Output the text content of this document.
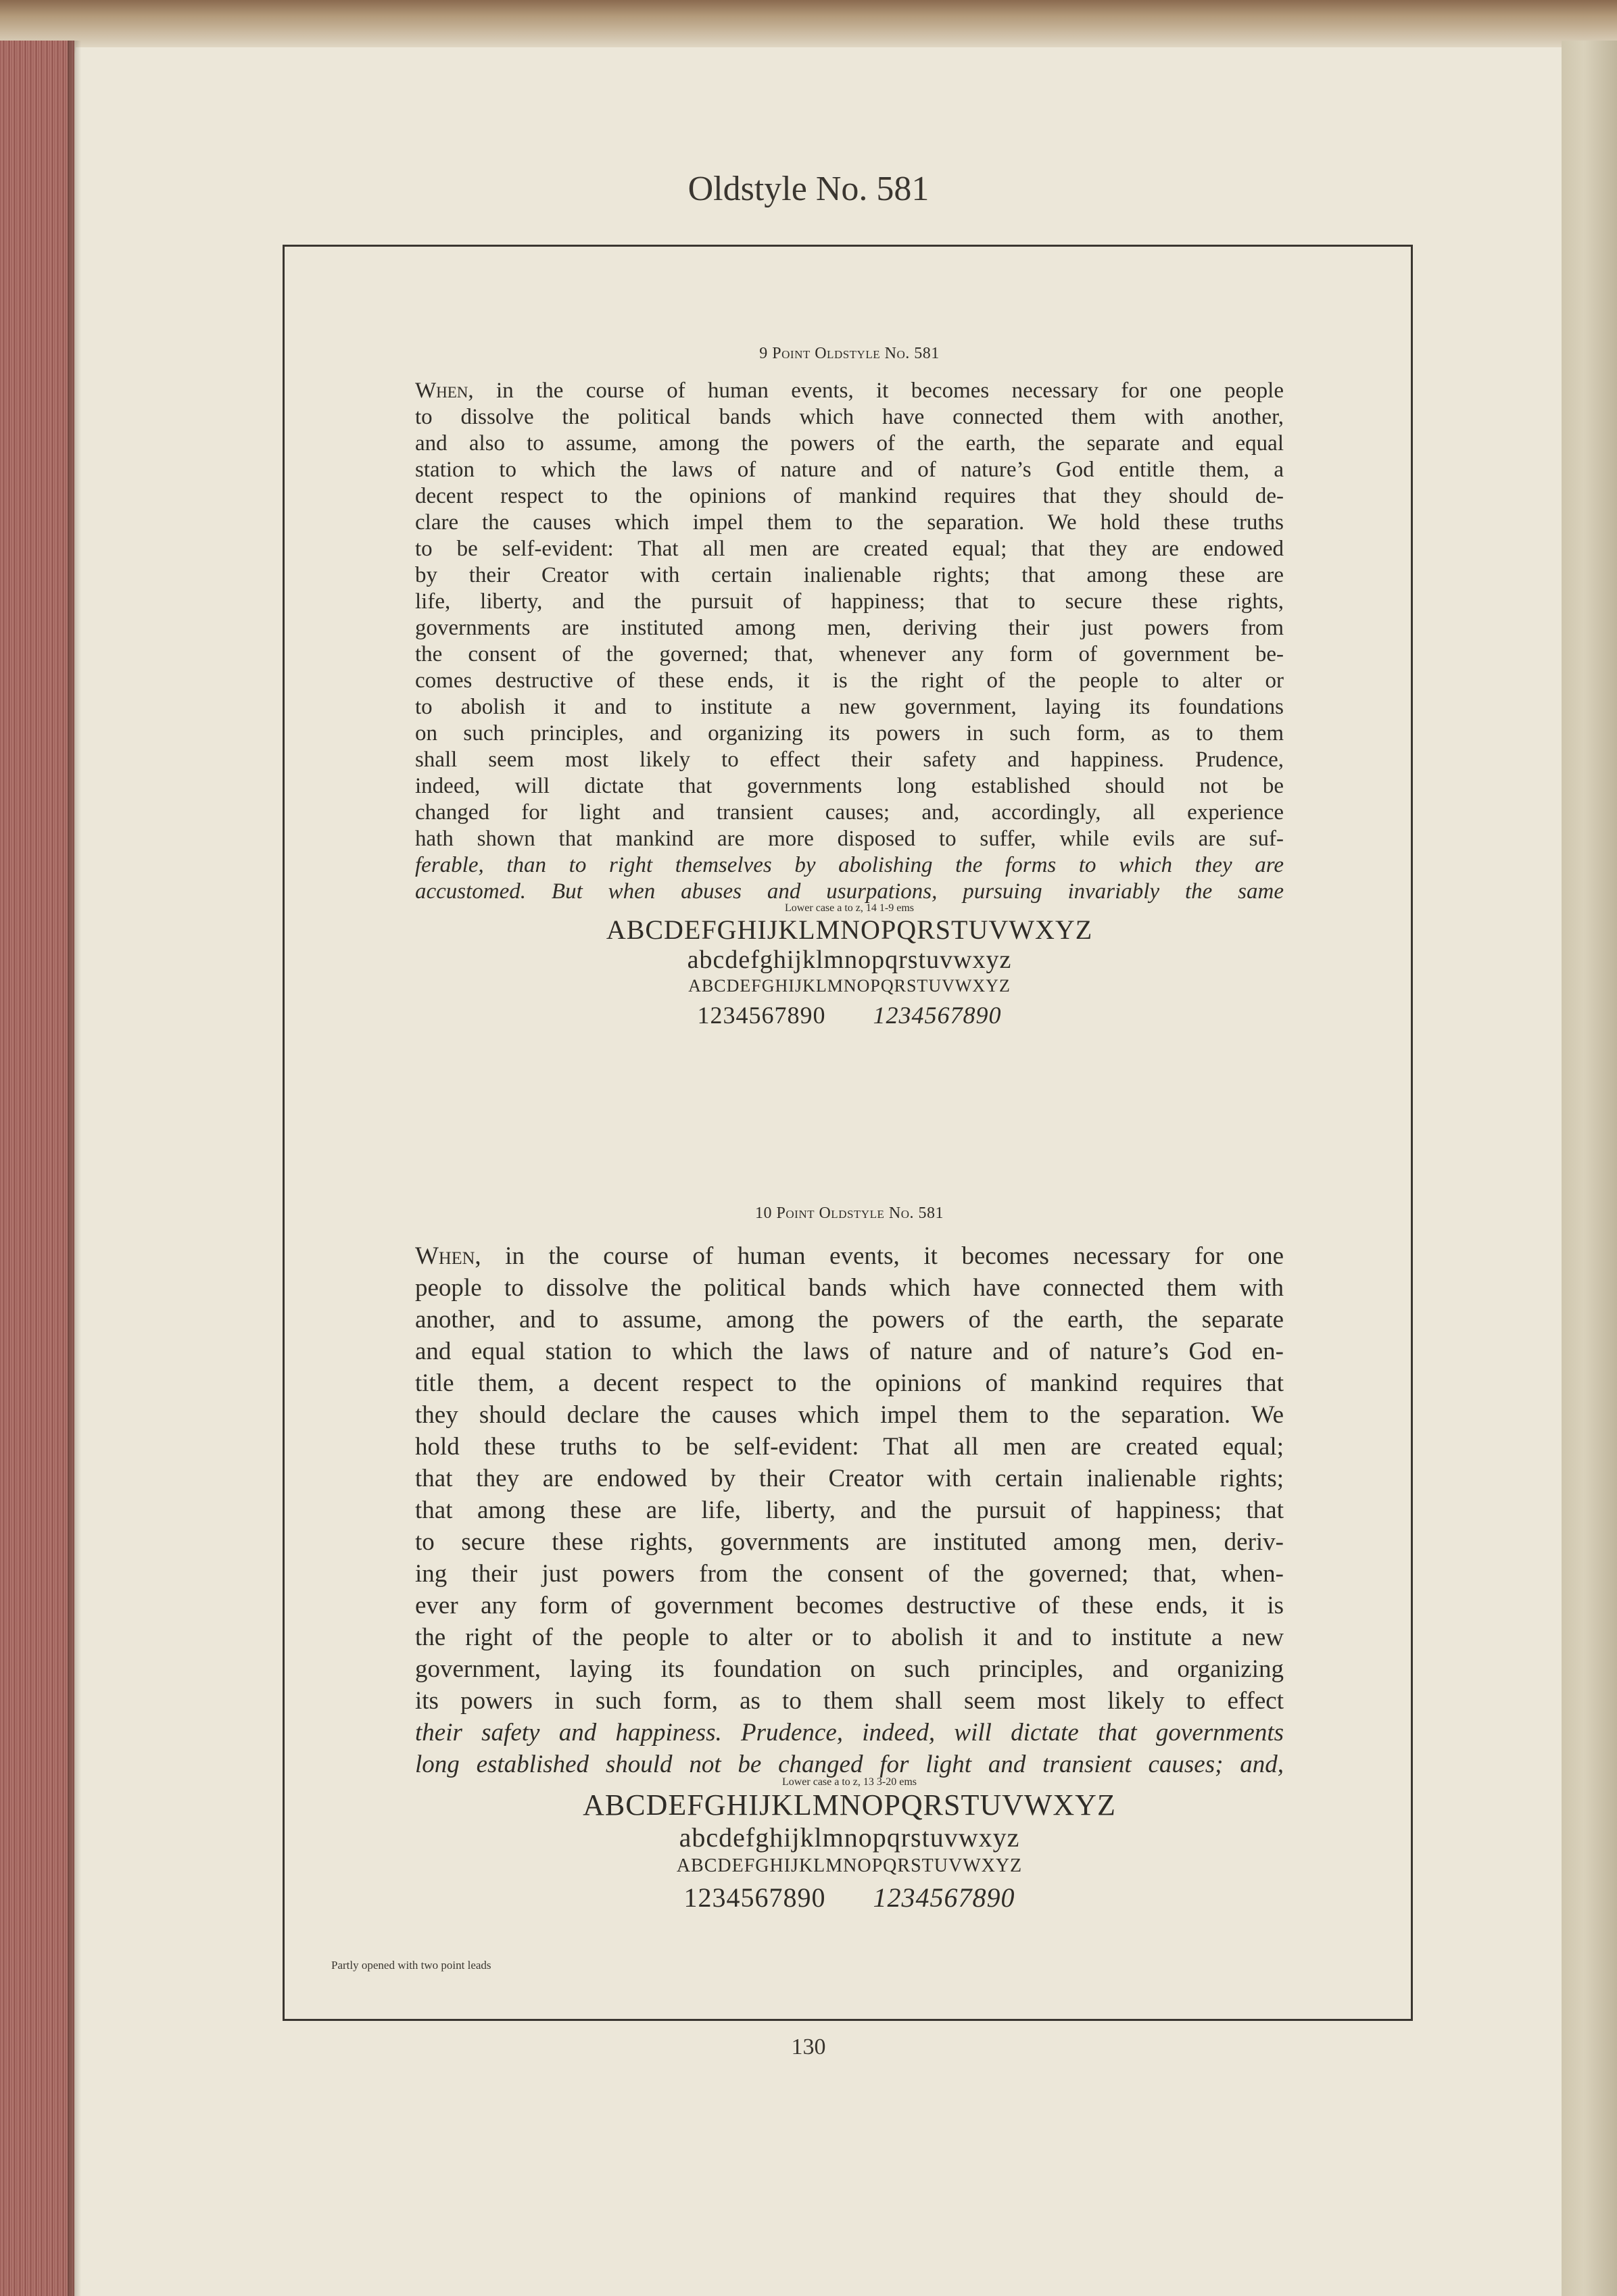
Oldstyle No. 581

9 Point Oldstyle No. 581

When, in the course of human events, it becomes necessary for one people
to dissolve the political bands which have connected them with another,
and also to assume, among the powers of the earth, the separate and equal
station to which the laws of nature and of nature’s God entitle them, a
decent respect to the opinions of mankind requires that they should de-
clare the causes which impel them to the separation. We hold these truths
to be self-evident: That all men are created equal; that they are endowed
by their Creator with certain inalienable rights; that among these are
life, liberty, and the pursuit of happiness; that to secure these rights,
governments are instituted among men, deriving their just powers from
the consent of the governed; that, whenever any form of government be-
comes destructive of these ends, it is the right of the people to alter or
to abolish it and to institute a new government, laying its foundations
on such principles, and organizing its powers in such form, as to them
shall seem most likely to effect their safety and happiness. Prudence,
indeed, will dictate that governments long established should not be
changed for light and transient causes; and, accordingly, all experience
hath shown that mankind are more disposed to suffer, while evils are suf-
ferable, than to right themselves by abolishing the forms to which they are
accustomed. But when abuses and usurpations, pursuing invariably the same

Lower case a to z, 14 1-9 ems

ABCDEFGHIJKLMNOPQRSTUVWXYZ

abcdefghijklmnopqrstuvwxyz

ABCDEFGHIJKLMNOPQRSTUVWXYZ

1234567890 1234567890

10 Point Oldstyle No. 581

When, in the course of human events, it becomes necessary for one
people to dissolve the political bands which have connected them with
another, and to assume, among the powers of the earth, the separate
and equal station to which the laws of nature and of nature’s God en-
title them, a decent respect to the opinions of mankind requires that
they should declare the causes which impel them to the separation. We
hold these truths to be self-evident: That all men are created equal;
that they are endowed by their Creator with certain inalienable rights;
that among these are life, liberty, and the pursuit of happiness; that
to secure these rights, governments are instituted among men, deriv-
ing their just powers from the consent of the governed; that, when-
ever any form of government becomes destructive of these ends, it is
the right of the people to alter or to abolish it and to institute a new
government, laying its foundation on such principles, and organizing
its powers in such form, as to them shall seem most likely to effect
their safety and happiness. Prudence, indeed, will dictate that governments
long established should not be changed for light and transient causes; and,

Lower case a to z, 13 3-20 ems

ABCDEFGHIJKLMNOPQRSTUVWXYZ

abcdefghijklmnopqrstuvwxyz

ABCDEFGHIJKLMNOPQRSTUVWXYZ

1234567890 1234567890

Partly opened with two point leads
130
